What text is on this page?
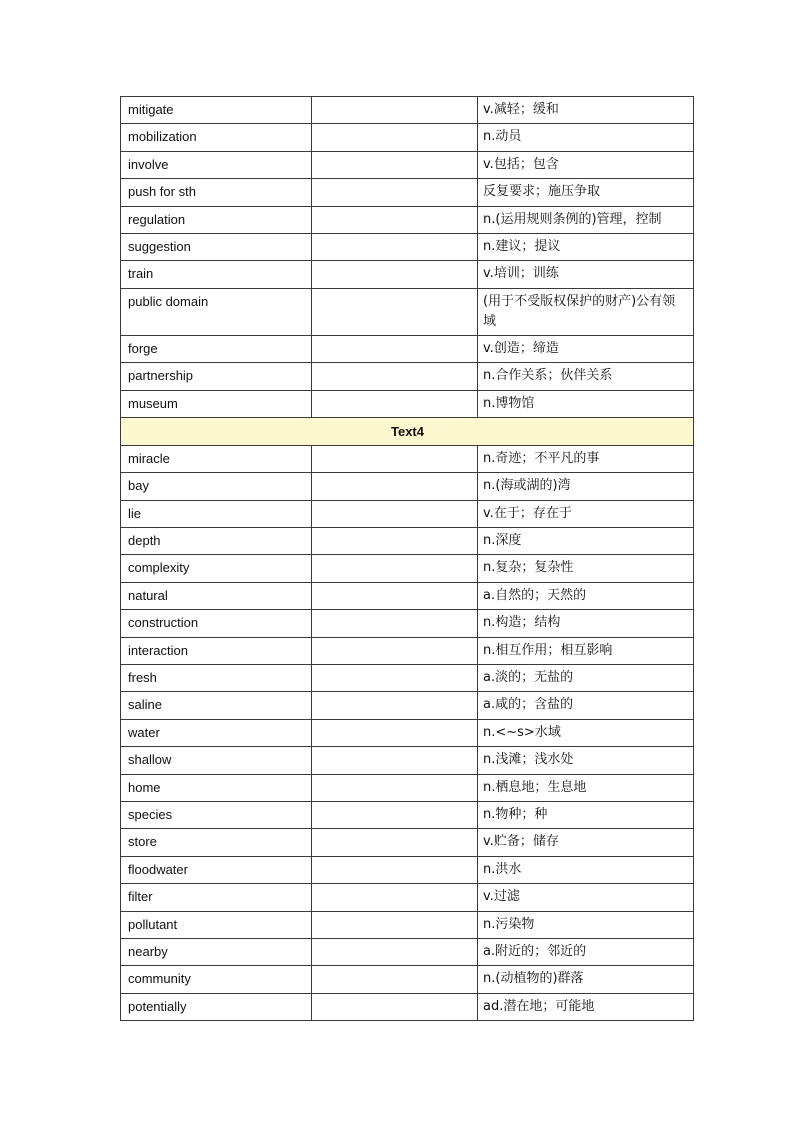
mitigate		v.减轻；缓和
mobilization		n.动员
involve		v.包括；包含
push for sth		反复要求；施压争取
regulation		n.(运用规则条例的)管理，控制
suggestion		n.建议；提议
train		v.培训；训练
public domain		(用于不受版权保护的财产)公有领域
forge		v.创造；缔造
partnership		n.合作关系；伙伴关系
museum		n.博物馆
Text4		
miracle		n.奇迹；不平凡的事
bay		n.(海或湖的)湾
lie		v.在于；存在于
depth		n.深度
complexity		n.复杂；复杂性
natural		a.自然的；天然的
construction		n.构造；结构
interaction		n.相互作用；相互影响
fresh		a.淡的；无盐的
saline		a.咸的；含盐的
water		n.<~s>水域
shallow		n.浅滩；浅水处
home		n.栖息地；生息地
species		n.物种；种
store		v.贮备；储存
floodwater		n.洪水
filter		v.过滤
pollutant		n.污染物
nearby		a.附近的；邻近的
community		n.(动植物的)群落
potentially		ad.潜在地；可能地
